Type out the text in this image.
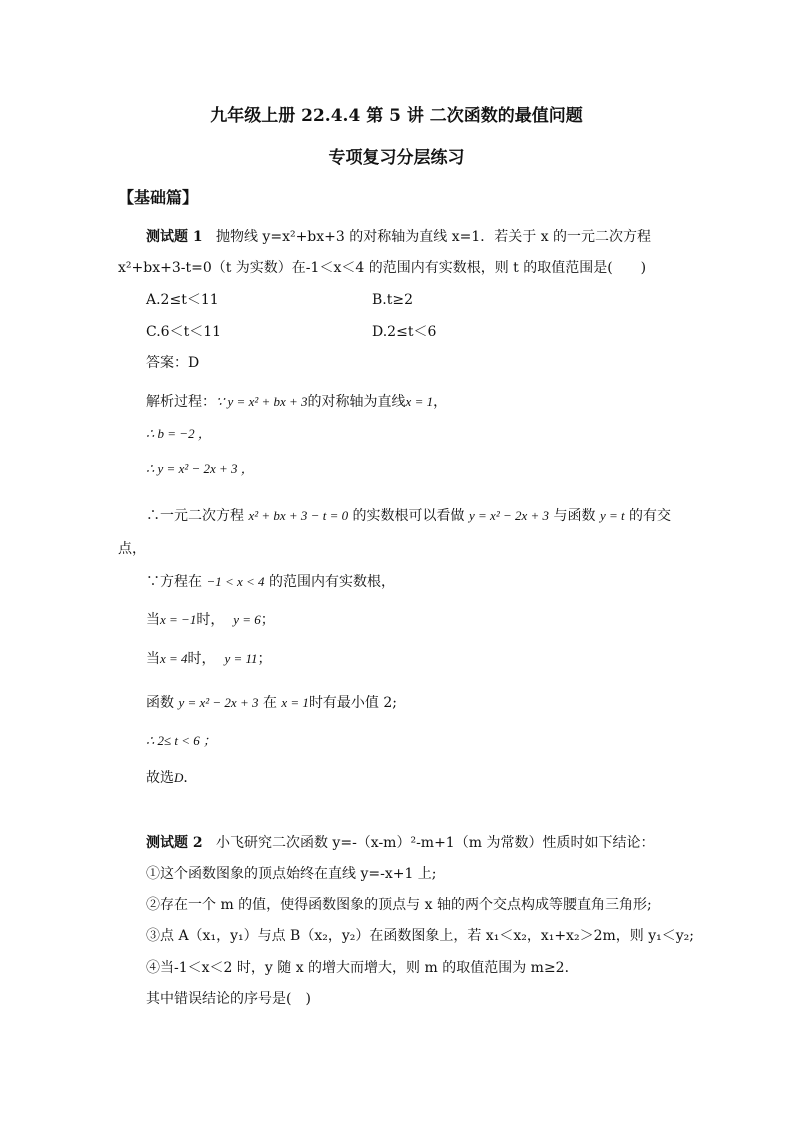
九年级上册 22.4.4 第 5 讲 二次函数的最值问题
专项复习分层练习
【基础篇】
测试题 1 抛物线 y=x²+bx+3 的对称轴为直线 x=1．若关于 x 的一元二次方程
x²+bx+3-t=0（t 为实数）在-1＜x＜4 的范围内有实数根，则 t 的取值范围是(　　)
A.2≤t＜11	B.t≥2
C.6＜t＜11	D.2≤t＜6
答案：D
解析过程：∵ y = x² + bx + 3的对称轴为直线x = 1，
∴ b = −2 ，
∴ y = x² − 2x + 3 ，
∴一元二次方程 x² + bx + 3 − t = 0 的实数根可以看做 y = x² − 2x + 3 与函数 y = t 的有交
点，
∵方程在 −1 < x < 4 的范围内有实数根，
当x = −1时， y = 6；
当x = 4时， y = 11；
函数 y = x² − 2x + 3 在 x = 1时有最小值 2;
∴ 2≤ t < 6 ；
故选D．
测试题 2 小飞研究二次函数 y=-（x-m）²-m+1（m 为常数）性质时如下结论：
①这个函数图象的顶点始终在直线 y=-x+1 上;
②存在一个 m 的值，使得函数图象的顶点与 x 轴的两个交点构成等腰直角三角形;
③点 A（x₁，y₁）与点 B（x₂，y₂）在函数图象上，若 x₁＜x₂，x₁+x₂＞2m，则 y₁＜y₂;
④当-1＜x＜2 时，y 随 x 的增大而增大，则 m 的取值范围为 m≥2．
其中错误结论的序号是(　)
